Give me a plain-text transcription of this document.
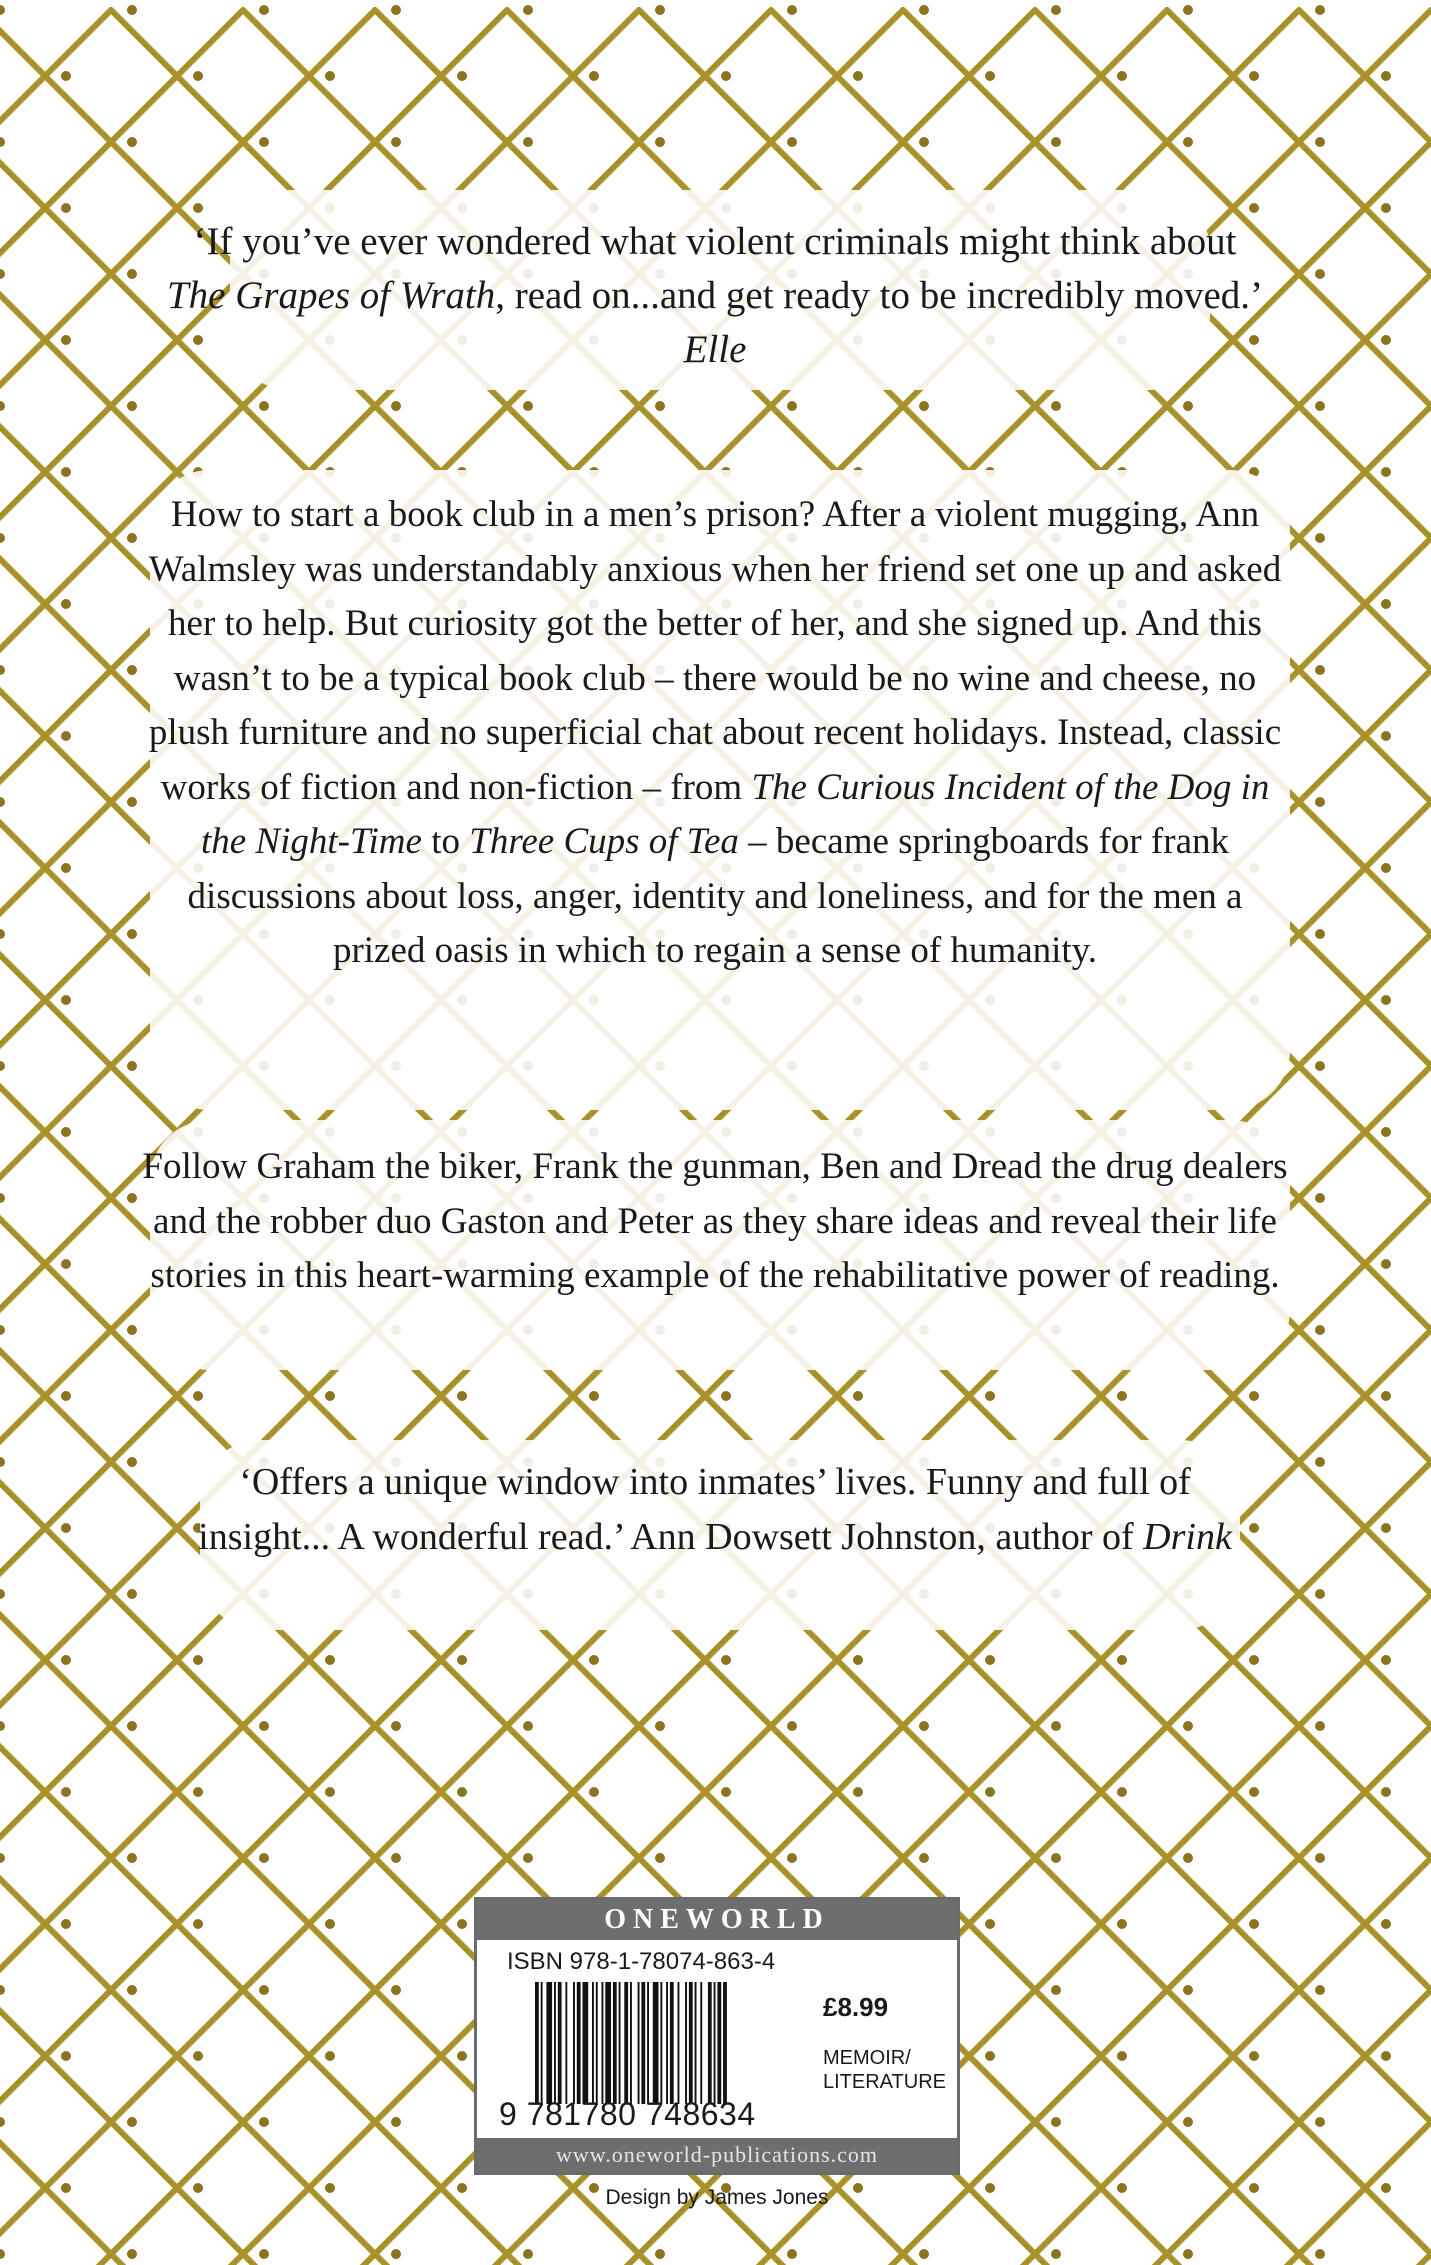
‘If you’ve ever wondered what violent criminals might think about The Grapes of Wrath, read on...and get ready to be incredibly moved.’ Elle
How to start a book club in a men’s prison? After a violent mugging, Ann Walmsley was understandably anxious when her friend set one up and asked her to help. But curiosity got the better of her, and she signed up. And this wasn’t to be a typical book club – there would be no wine and cheese, no plush furniture and no superficial chat about recent holidays. Instead, classic works of fiction and non-fiction – from The Curious Incident of the Dog in the Night-Time to Three Cups of Tea – became springboards for frank discussions about loss, anger, identity and loneliness, and for the men a prized oasis in which to regain a sense of humanity.
Follow Graham the biker, Frank the gunman, Ben and Dread the drug dealers and the robber duo Gaston and Peter as they share ideas and reveal their life stories in this heart-warming example of the rehabilitative power of reading.
‘Offers a unique window into inmates’ lives. Funny and full of insight... A wonderful read.’ Ann Dowsett Johnston, author of Drink
ONEWORLD
ISBN 978-1-78074-863-4
9 781780 748634
£8.99
MEMOIR/ LITERATURE
www.oneworld-publications.com
Design by James Jones
